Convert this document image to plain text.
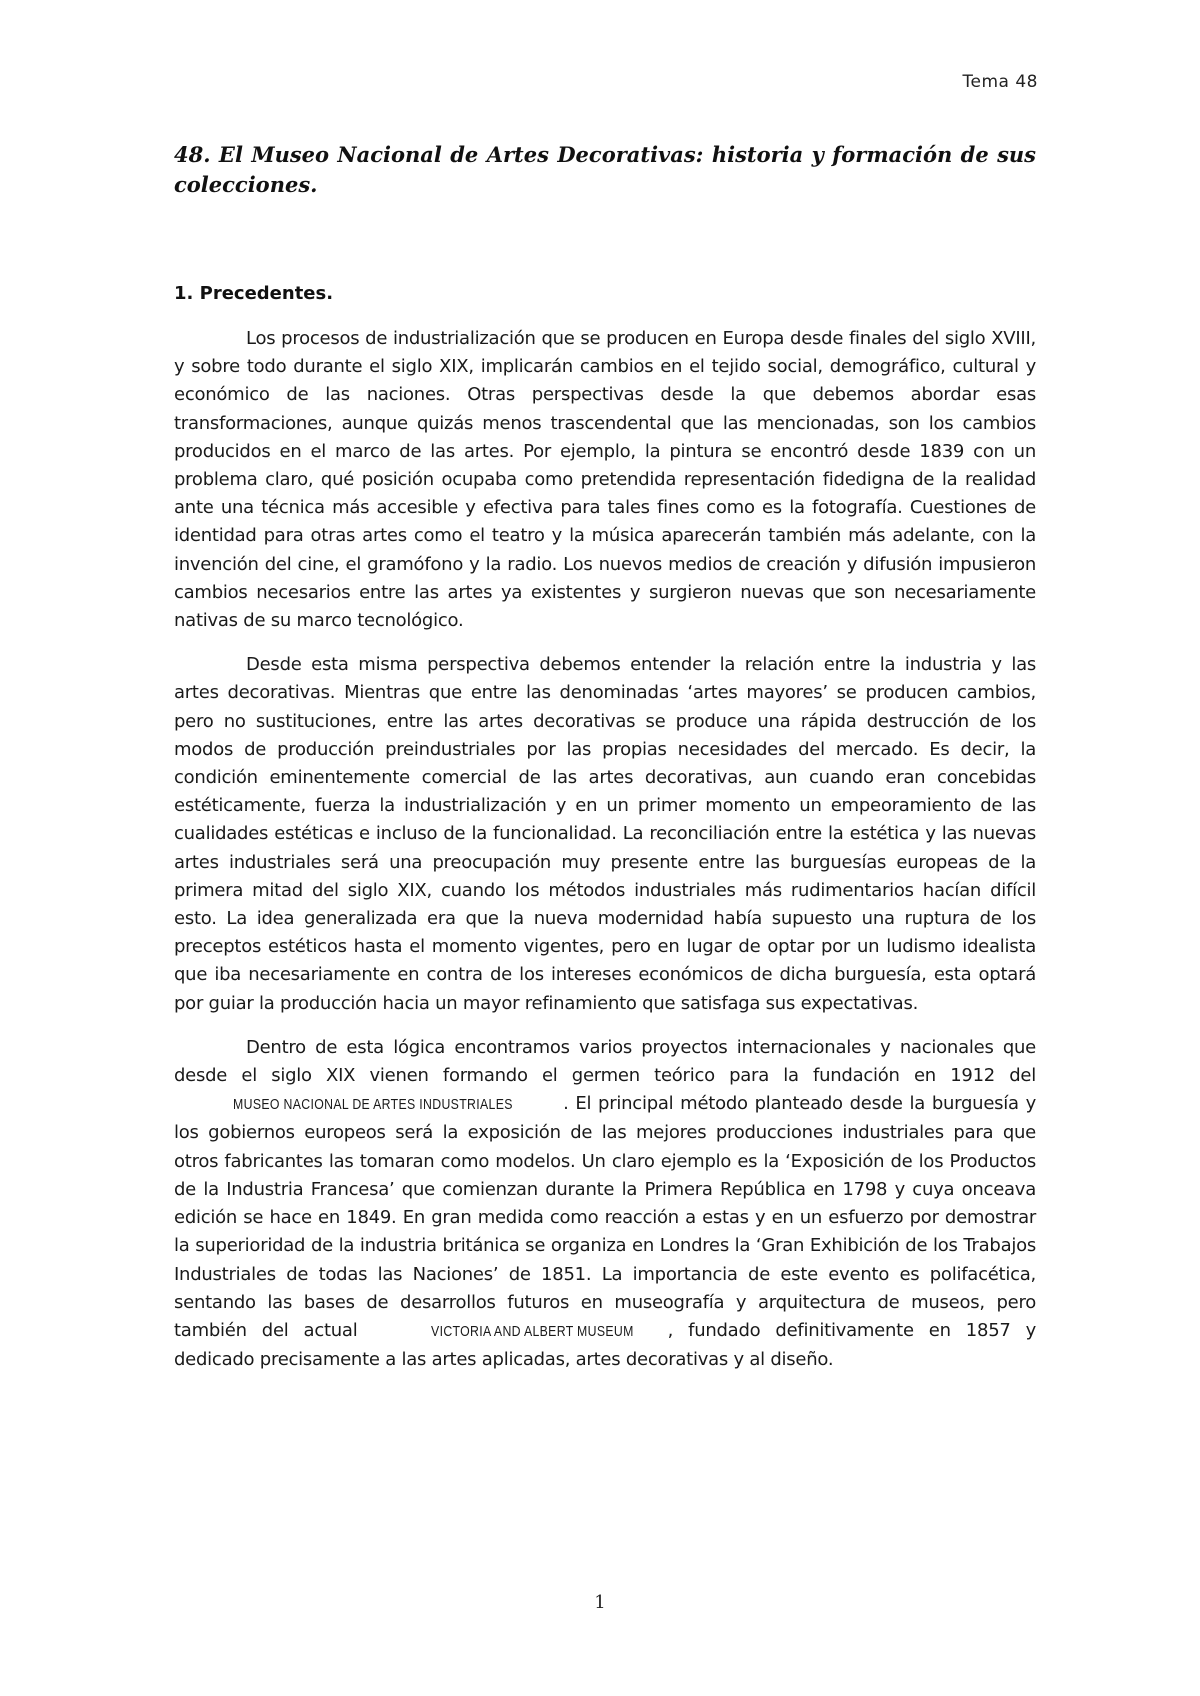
Tema 48
48. El Museo Nacional de Artes Decorativas: historia y formación de sus colecciones.
1. Precedentes.

Los procesos de industrialización que se producen en Europa desde finales del siglo XVIII, y sobre todo durante el siglo XIX, implicarán cambios en el tejido social, demográfico, cultural y económico de las naciones. Otras perspectivas desde la que debemos abordar esas transformaciones, aunque quizás menos trascendental que las mencionadas, son los cambios producidos en el marco de las artes. Por ejemplo, la pintura se encontró desde 1839 con un problema claro, qué posición ocupaba como pretendida representación fidedigna de la realidad ante una técnica más accesible y efectiva para tales fines como es la fotografía. Cuestiones de identidad para otras artes como el teatro y la música aparecerán también más adelante, con la invención del cine, el gramófono y la radio. Los nuevos medios de creación y difusión impusieron cambios necesarios entre las artes ya existentes y surgieron nuevas que son necesariamente nativas de su marco tecnológico.

Desde esta misma perspectiva debemos entender la relación entre la industria y las artes decorativas. Mientras que entre las denominadas ‘artes mayores’ se producen cambios, pero no sustituciones, entre las artes decorativas se produce una rápida destrucción de los modos de producción preindustriales por las propias necesidades del mercado. Es decir, la condición eminentemente comercial de las artes decorativas, aun cuando eran concebidas estéticamente, fuerza la industrialización y en un primer momento un empeoramiento de las cualidades estéticas e incluso de la funcionalidad. La reconciliación entre la estética y las nuevas artes industriales será una preocupación muy presente entre las burguesías europeas de la primera mitad del siglo XIX, cuando los métodos industriales más rudimentarios hacían difícil esto. La idea generalizada era que la nueva modernidad había supuesto una ruptura de los preceptos estéticos hasta el momento vigentes, pero en lugar de optar por un ludismo idealista que iba necesariamente en contra de los intereses económicos de dicha burguesía, esta optará por guiar la producción hacia un mayor refinamiento que satisfaga sus expectativas.

Dentro de esta lógica encontramos varios proyectos internacionales y nacionales que desde el siglo XIX vienen formando el germen teórico para la fundación en 1912 del MUSEO NACIONAL DE ARTES INDUSTRIALES	. El principal método planteado desde la burguesía y los gobiernos europeos será la exposición de las mejores producciones industriales para que otros fabricantes las tomaran como modelos. Un claro ejemplo es la ‘Exposición de los Productos de la Industria Francesa’ que comienzan durante la Primera República en 1798 y cuya onceava edición se hace en 1849. En gran medida como reacción a estas y en un esfuerzo por demostrar la superioridad de la industria británica se organiza en Londres la ‘Gran Exhibición de los Trabajos Industriales de todas las Naciones’ de 1851. La importancia de este evento es polifacética, sentando las bases de desarrollos futuros en museografía y arquitectura de museos, pero también del actual	VICTORIA AND ALBERT MUSEUM , fundado definitivamente en 1857 y dedicado precisamente a las artes aplicadas, artes decorativas y al diseño.

1
